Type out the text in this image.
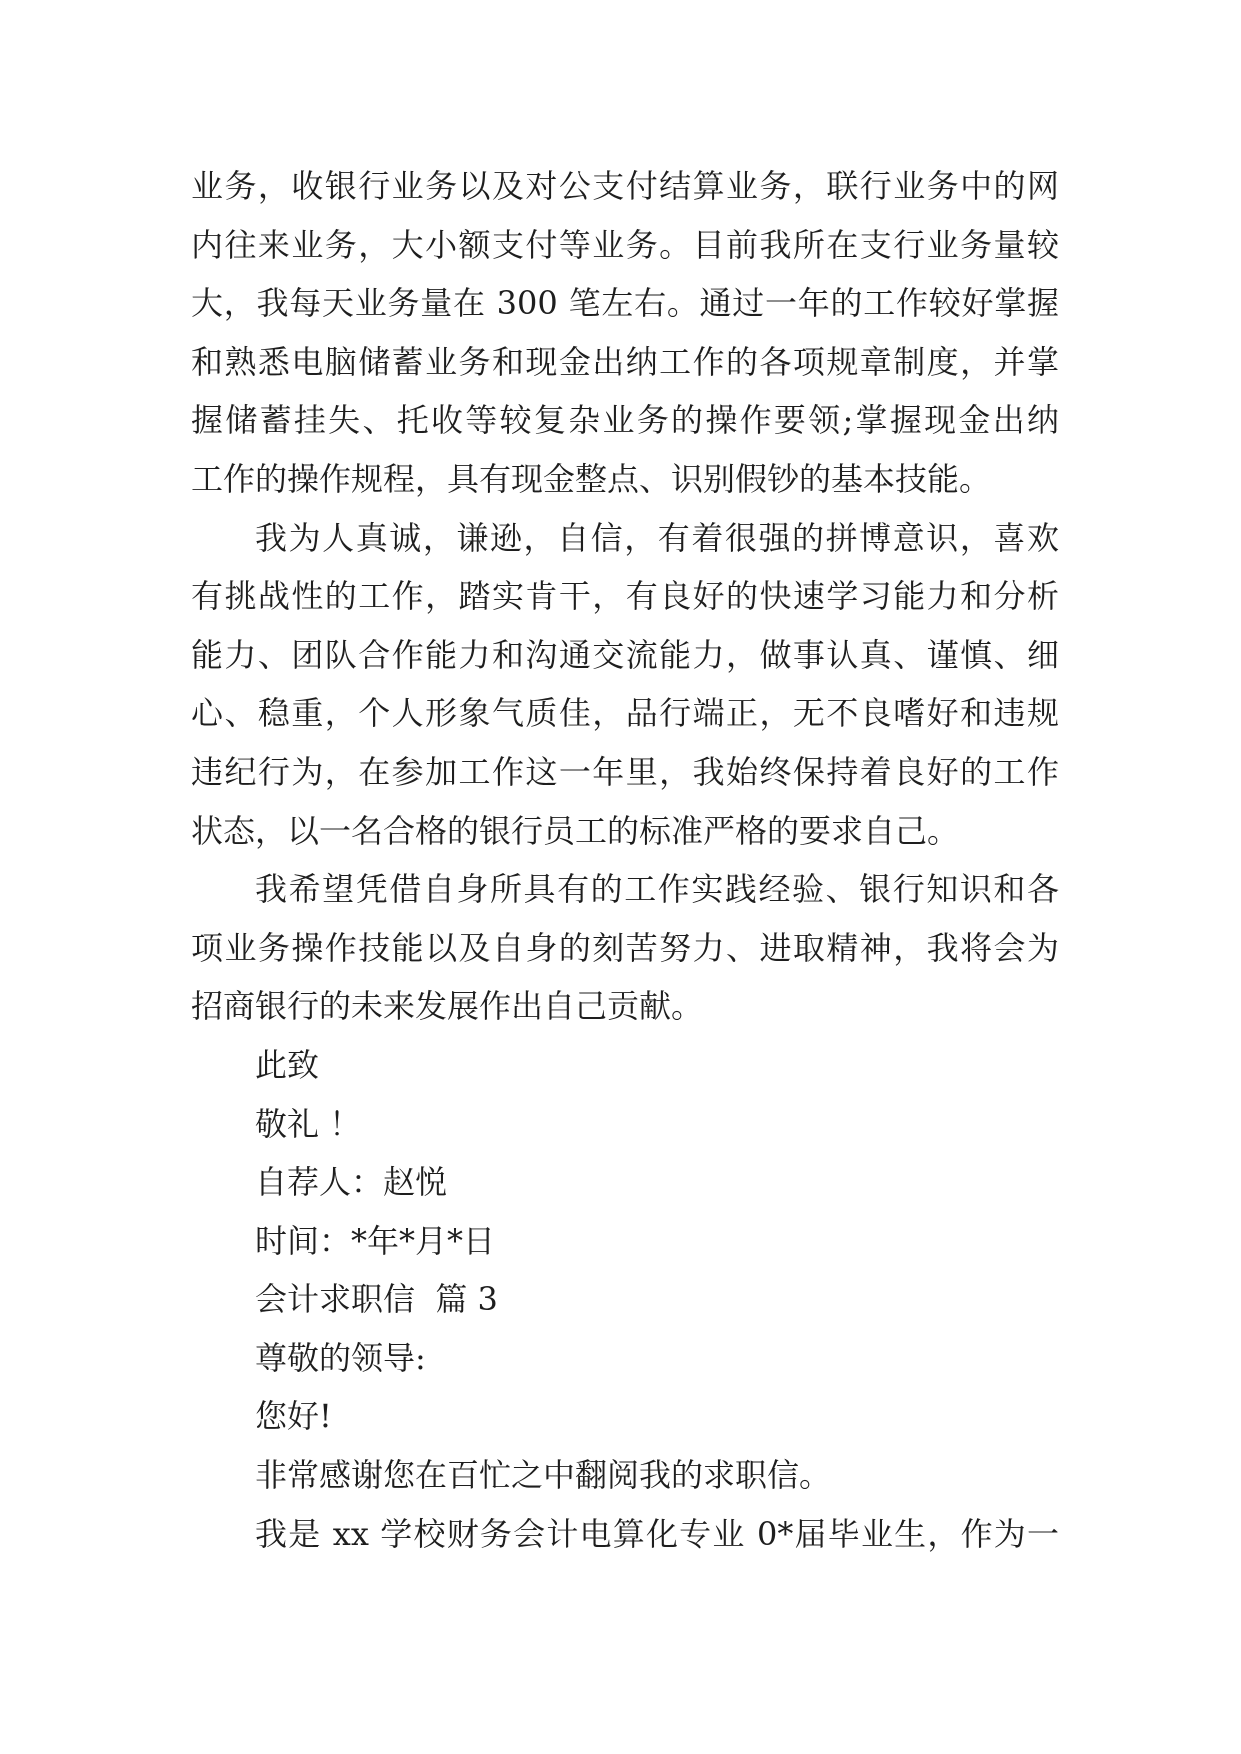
业务，收银行业务以及对公支付结算业务，联行业务中的网
内往来业务，大小额支付等业务。目前我所在支行业务量较
大，我每天业务量在 300 笔左右。通过一年的工作较好掌握
和熟悉电脑储蓄业务和现金出纳工作的各项规章制度，并掌
握储蓄挂失、托收等较复杂业务的操作要领;掌握现金出纳
工作的操作规程，具有现金整点、识别假钞的基本技能。
我为人真诚，谦逊，自信，有着很强的拼博意识，喜欢
有挑战性的工作，踏实肯干，有良好的快速学习能力和分析
能力、团队合作能力和沟通交流能力，做事认真、谨慎、细
心、稳重，个人形象气质佳，品行端正，无不良嗜好和违规
违纪行为，在参加工作这一年里，我始终保持着良好的工作
状态，以一名合格的银行员工的标准严格的要求自己。
我希望凭借自身所具有的工作实践经验、银行知识和各
项业务操作技能以及自身的刻苦努力、进取精神，我将会为
招商银行的未来发展作出自己贡献。
此致
敬礼 ！
自荐人：赵悦
时间：*年*月*日
会计求职信  篇 3
尊敬的领导:
您好!
非常感谢您在百忙之中翻阅我的求职信。
我是 xx 学校财务会计电算化专业 0*届毕业生，作为一
